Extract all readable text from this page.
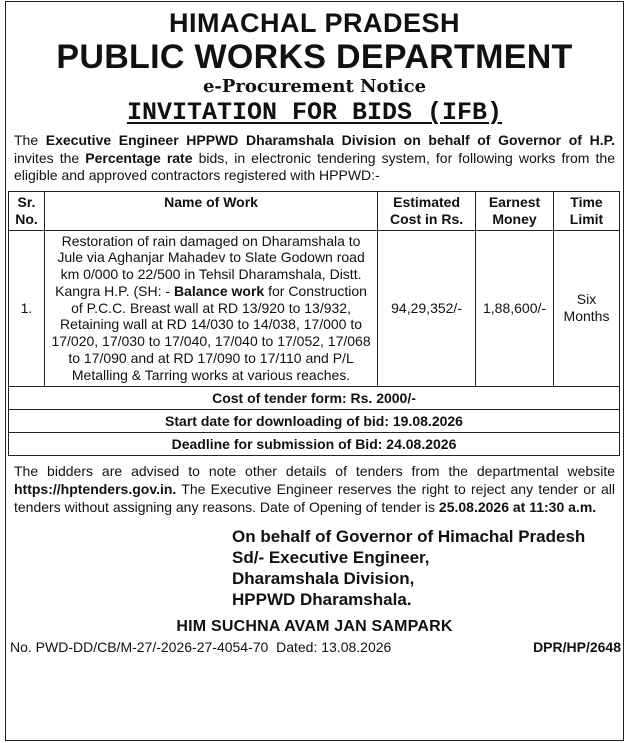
HIMACHAL PRADESH
PUBLIC WORKS DEPARTMENT
e-Procurement Notice
INVITATION FOR BIDS (IFB)

The Executive Engineer HPPWD Dharamshala Division on behalf of Governor of H.P. invites the Percentage rate bids, in electronic tendering system, for following works from the eligible and approved contractors registered with HPPWD:-

Sr. No.	Name of Work	Estimated Cost in Rs.	Earnest Money	Time Limit
1.	Restoration of rain damaged on Dharamshala to Jule via Aghanjar Mahadev to Slate Godown road km 0/000 to 22/500 in Tehsil Dharamshala, Distt. Kangra H.P. (SH: - Balance work for Construction of P.C.C. Breast wall at RD 13/920 to 13/932, Retaining wall at RD 14/030 to 14/038, 17/000 to 17/020, 17/030 to 17/040, 17/040 to 17/052, 17/068 to 17/090 and at RD 17/090 to 17/110 and P/L Metalling & Tarring works at various reaches.	94,29,352/-	1,88,600/-	Six Months
Cost of tender form: Rs. 2000/-				
Start date for downloading of bid: 19.08.2026				
Deadline for submission of Bid: 24.08.2026				

The bidders are advised to note other details of tenders from the departmental website https://hptenders.gov.in. The Executive Engineer reserves the right to reject any tender or all tenders without assigning any reasons. Date of Opening of tender is 25.08.2026 at 11:30 a.m.

On behalf of Governor of Himachal Pradesh
Sd/- Executive Engineer,
Dharamshala Division,
HPPWD Dharamshala.
HIM SUCHNA AVAM JAN SAMPARK
No. PWD-DD/CB/M-27/-2026-27-4054-70 Dated: 13.08.2026	DPR/HP/2648
